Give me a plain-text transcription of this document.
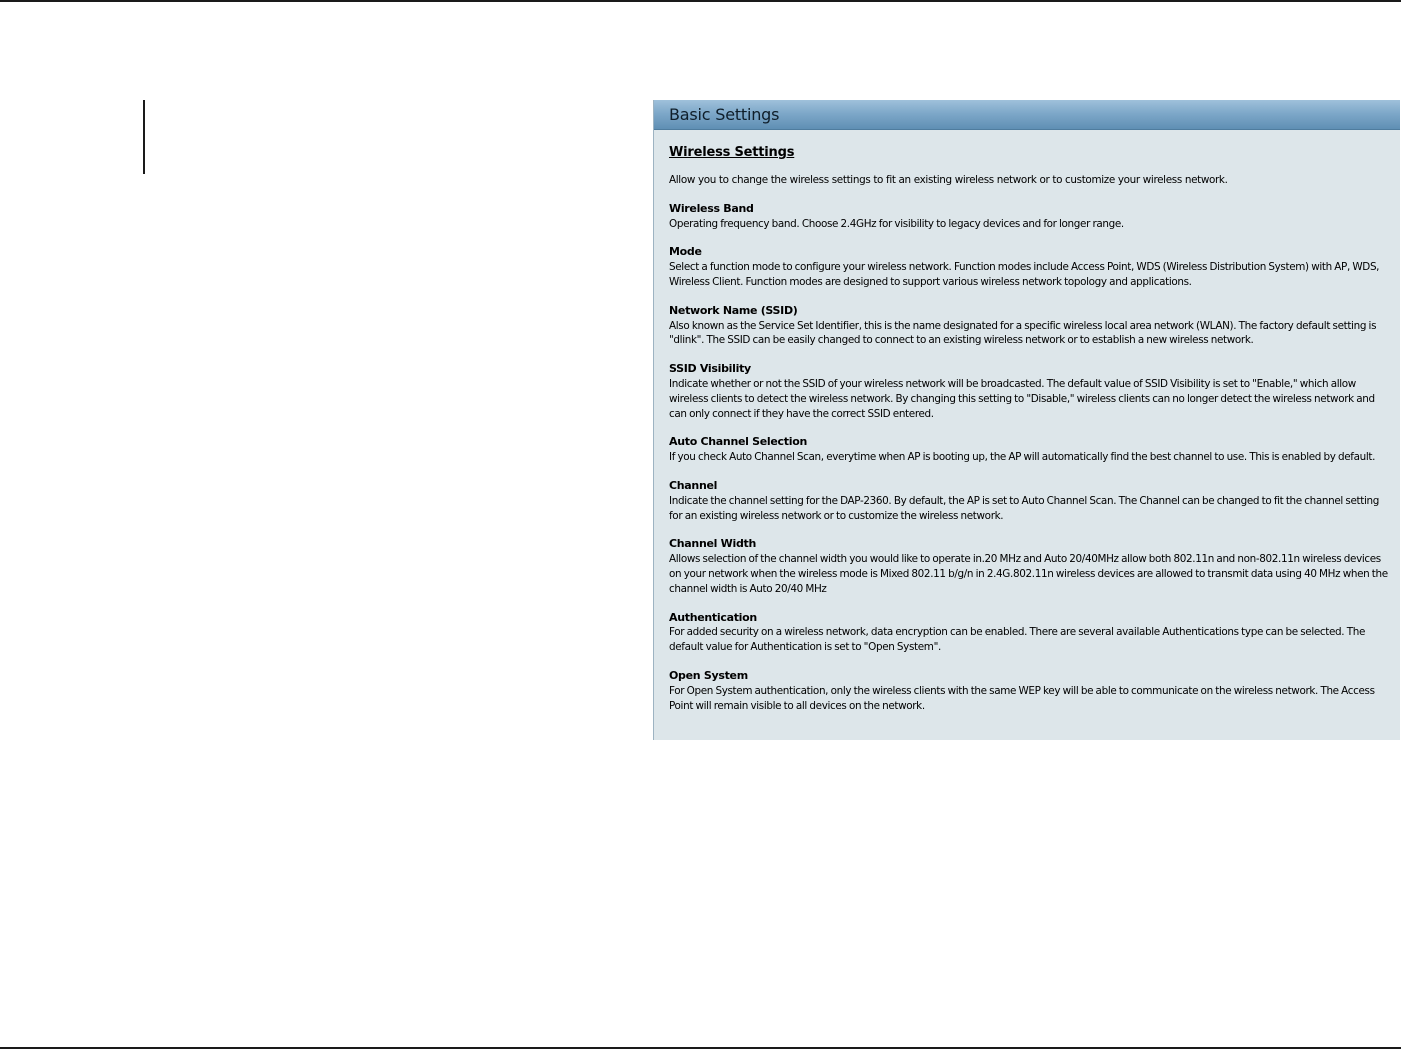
Basic Settings
Wireless Settings
Allow you to change the wireless settings to fit an existing wireless network or to customize your wireless network.
Wireless Band
Operating frequency band. Choose 2.4GHz for visibility to legacy devices and for longer range.
Mode
Select a function mode to configure your wireless network. Function modes include Access Point, WDS (Wireless Distribution System) with AP, WDS, Wireless Client. Function modes are designed to support various wireless network topology and applications.
Network Name (SSID)
Also known as the Service Set Identifier, this is the name designated for a specific wireless local area network (WLAN). The factory default setting is "dlink". The SSID can be easily changed to connect to an existing wireless network or to establish a new wireless network.
SSID Visibility
Indicate whether or not the SSID of your wireless network will be broadcasted. The default value of SSID Visibility is set to "Enable," which allow wireless clients to detect the wireless network. By changing this setting to "Disable," wireless clients can no longer detect the wireless network and can only connect if they have the correct SSID entered.
Auto Channel Selection
If you check Auto Channel Scan, everytime when AP is booting up, the AP will automatically find the best channel to use. This is enabled by default.
Channel
Indicate the channel setting for the DAP-2360. By default, the AP is set to Auto Channel Scan. The Channel can be changed to fit the channel setting for an existing wireless network or to customize the wireless network.
Channel Width
Allows selection of the channel width you would like to operate in.20 MHz and Auto 20/40MHz allow both 802.11n and non-802.11n wireless devices on your network when the wireless mode is Mixed 802.11 b/g/n in 2.4G.802.11n wireless devices are allowed to transmit data using 40 MHz when the channel width is Auto 20/40 MHz
Authentication
For added security on a wireless network, data encryption can be enabled. There are several available Authentications type can be selected. The default value for Authentication is set to "Open System".
Open System
For Open System authentication, only the wireless clients with the same WEP key will be able to communicate on the wireless network. The Access Point will remain visible to all devices on the network.
